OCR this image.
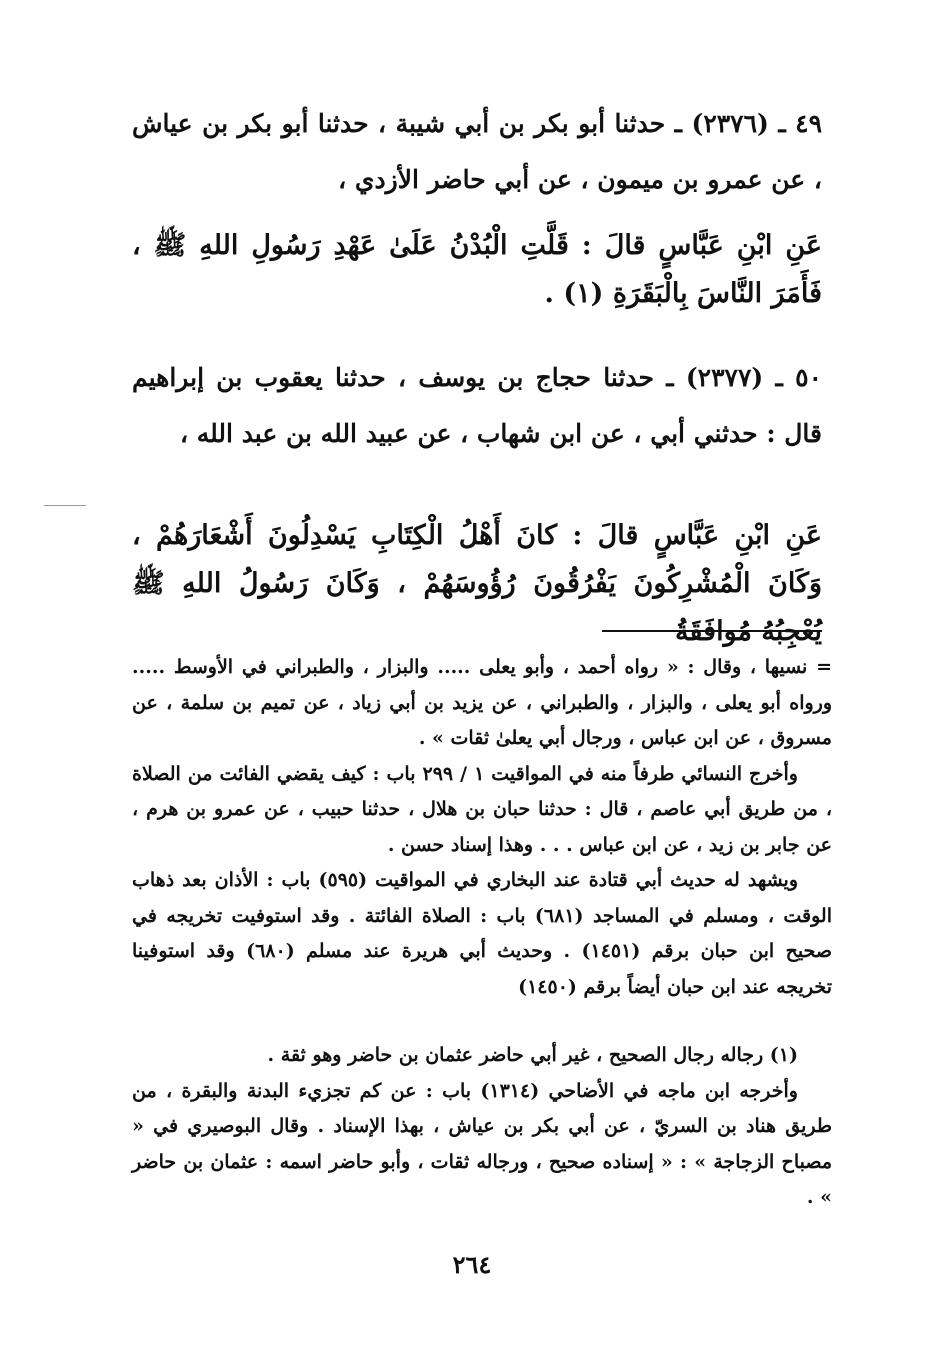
٤٩ ـ (٢٣٧٦) ـ حدثنا أبو بكر بن أبي شيبة ، حدثنا أبو بكر بن عياش ، عن عمرو بن ميمون ، عن أبي حاضر الأزدي ،
عَنِ ابْنِ عَبَّاسٍ قالَ : قَلَّتِ الْبُدْنُ عَلَىٰ عَهْدِ رَسُولِ اللهِ ﷺ ، فَأَمَرَ النَّاسَ بِالْبَقَرَةِ (١) .
٥٠ ـ (٢٣٧٧) ـ حدثنا حجاج بن يوسف ، حدثنا يعقوب بن إبراهيم قال : حدثني أبي ، عن ابن شهاب ، عن عبيد الله بن عبد الله ،
عَنِ ابْنِ عَبَّاسٍ قالَ : كانَ أَهْلُ الْكِتَابِ يَسْدِلُونَ أَشْعَارَهُمْ ، وَكَانَ الْمُشْرِكُونَ يَفْرُقُونَ رُؤُوسَهُمْ ، وَكَانَ رَسُولُ اللهِ ﷺ يُعْجِبُهُ مُوافَقَةُ

= نسيها ، وقال : « رواه أحمد ، وأبو يعلى ..... والبزار ، والطبراني في الأوسط ..... ورواه أبو يعلى ، والبزار ، والطبراني ، عن يزيد بن أبي زياد ، عن تميم بن سلمة ، عن مسروق ، عن ابن عباس ، ورجال أبي يعلىٰ ثقات » .

وأخرج النسائي طرفاً منه في المواقيت ١ / ٢٩٩ باب : كيف يقضي الفائت من الصلاة ، من طريق أبي عاصم ، قال : حدثنا حبان بن هلال ، حدثنا حبيب ، عن عمرو بن هرم ، عن جابر بن زيد ، عن ابن عباس . . . وهذا إسناد حسن .

ويشهد له حديث أبي قتادة عند البخاري في المواقيت (٥٩٥) باب : الأذان بعد ذهاب الوقت ، ومسلم في المساجد (٦٨١) باب : الصلاة الفائتة . وقد استوفيت تخريجه في صحيح ابن حبان برقم (١٤٥١) . وحديث أبي هريرة عند مسلم (٦٨٠) وقد استوفينا تخريجه عند ابن حبان أيضاً برقم (١٤٥٠)

(١) رجاله رجال الصحيح ، غير أبي حاضر عثمان بن حاضر وهو ثقة .

وأخرجه ابن ماجه في الأضاحي (١٣١٤) باب : عن كم تجزيء البدنة والبقرة ، من طريق هناد بن السريّ ، عن أبي بكر بن عياش ، بهذا الإسناد . وقال البوصيري في « مصباح الزجاجة » : « إسناده صحيح ، ورجاله ثقات ، وأبو حاضر اسمه : عثمان بن حاضر » .

٢٦٤
